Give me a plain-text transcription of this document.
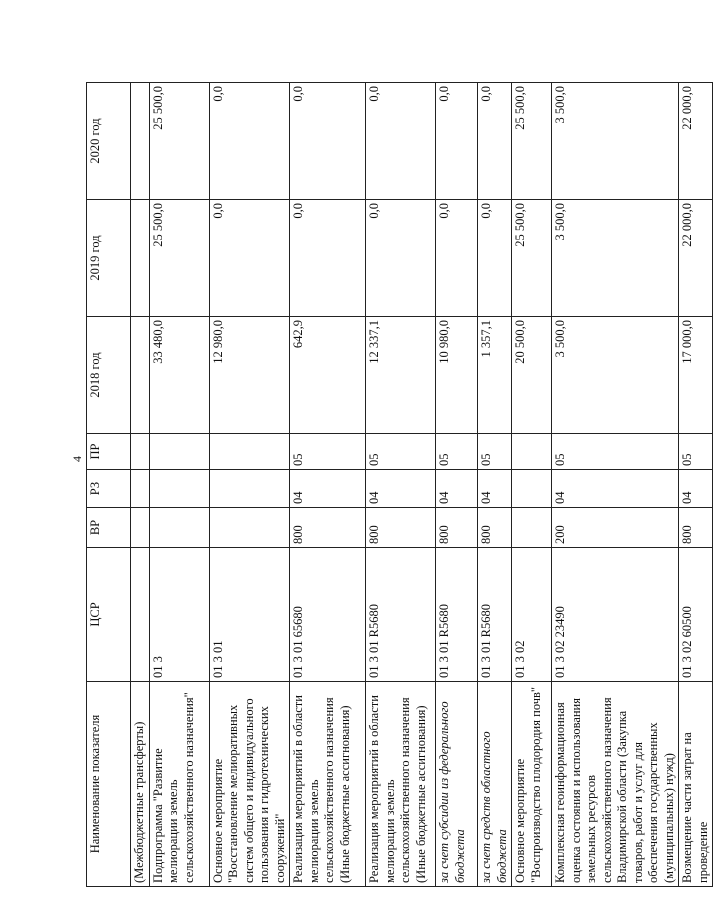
4
Наименование показателя	ЦСР	ВР	РЗ	ПР	2018 год	2019 год	2020 год
(Межбюджетные трансферты)							
Подпрограмма "Развитие мелиорации земель сельскохозяйственного назначения"	01 3				33 480,0	25 500,0	25 500,0
Основное мероприятие "Восстановление мелиоративных систем общего и индивидуального пользования и гидротехнических сооружений"	01 3 01				12 980,0	0,0	0,0
Реализация мероприятий в области мелиорации земель сельскохозяйственного назначения (Иные бюджетные ассигнования)	01 3 01 65680	800	04	05	642,9	0,0	0,0
Реализация мероприятий в области мелиорации земель сельскохозяйственного назначения (Иные бюджетные ассигнования)	01 3 01 R5680	800	04	05	12 337,1	0,0	0,0
за счет субсидии из федерального бюджета	01 3 01 R5680	800	04	05	10 980,0	0,0	0,0
за счет средств областного бюджета	01 3 01 R5680	800	04	05	1 357,1	0,0	0,0
Основное мероприятие "Воспроизводство плодородия почв"	01 3 02				20 500,0	25 500,0	25 500,0
Комплексная геоинформационная оценка состояния и использования земельных ресурсов сельскохозяйственного назначения Владимирской области (Закупка товаров, работ и услуг для обеспечения государственных (муниципальных) нужд)	01 3 02 23490	200	04	05	3 500,0	3 500,0	3 500,0
Возмещение части затрат на проведение	01 3 02 60500	800	04	05	17 000,0	22 000,0	22 000,0
